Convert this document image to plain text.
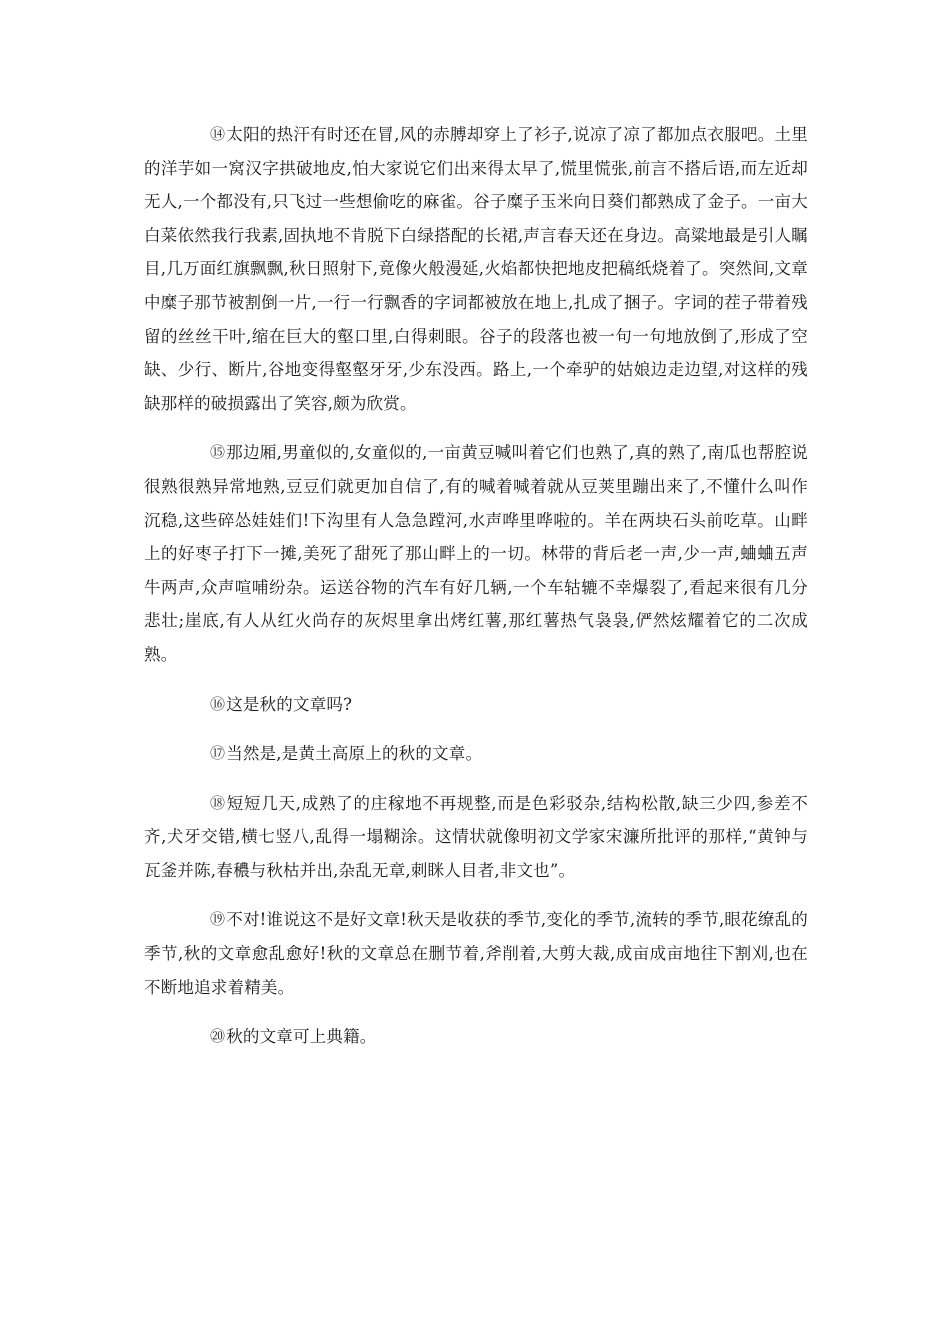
⑭太阳的热汗有时还在冒,风的赤膊却穿上了衫子,说凉了凉了都加点衣服吧。土里的洋芋如一窝汉字拱破地皮,怕大家说它们出来得太早了,慌里慌张,前言不搭后语,而左近却无人,一个都没有,只飞过一些想偷吃的麻雀。谷子糜子玉米向日葵们都熟成了金子。一亩大白菜依然我行我素,固执地不肯脱下白绿搭配的长裙,声言春天还在身边。高粱地最是引人瞩目,几万面红旗飘飘,秋日照射下,竟像火般漫延,火焰都快把地皮把稿纸烧着了。突然间,文章中糜子那节被割倒一片,一行一行飘香的字词都被放在地上,扎成了捆子。字词的茬子带着残留的丝丝干叶,缩在巨大的壑口里,白得刺眼。谷子的段落也被一句一句地放倒了,形成了空缺、少行、断片,谷地变得壑壑牙牙,少东没西。路上,一个牵驴的姑娘边走边望,对这样的残缺那样的破损露出了笑容,颇为欣赏。

⑮那边厢,男童似的,女童似的,一亩黄豆喊叫着它们也熟了,真的熟了,南瓜也帮腔说很熟很熟异常地熟,豆豆们就更加自信了,有的喊着喊着就从豆荚里蹦出来了,不懂什么叫作沉稳,这些碎怂娃娃们!下沟里有人急急蹚河,水声哗里哗啦的。羊在两块石头前吃草。山畔上的好枣子打下一摊,美死了甜死了那山畔上的一切。林带的背后老一声,少一声,蛐蛐五声牛两声,众声喧哺纷杂。运送谷物的汽车有好几辆,一个车轱辘不幸爆裂了,看起来很有几分悲壮;崖底,有人从红火尚存的灰烬里拿出烤红薯,那红薯热气袅袅,俨然炫耀着它的二次成熟。

⑯这是秋的文章吗?

⑰当然是,是黄土高原上的秋的文章。

⑱短短几天,成熟了的庄稼地不再规整,而是色彩驳杂,结构松散,缺三少四,参差不齐,犬牙交错,横七竖八,乱得一塌糊涂。这情状就像明初文学家宋濂所批评的那样,“黄钟与瓦釜并陈,春穠与秋枯并出,杂乱无章,刺眯人目者,非文也”。

⑲不对!谁说这不是好文章!秋天是收获的季节,变化的季节,流转的季节,眼花缭乱的季节,秋的文章愈乱愈好!秋的文章总在删节着,斧削着,大剪大裁,成亩成亩地往下割刈,也在不断地追求着精美。

⑳秋的文章可上典籍。
